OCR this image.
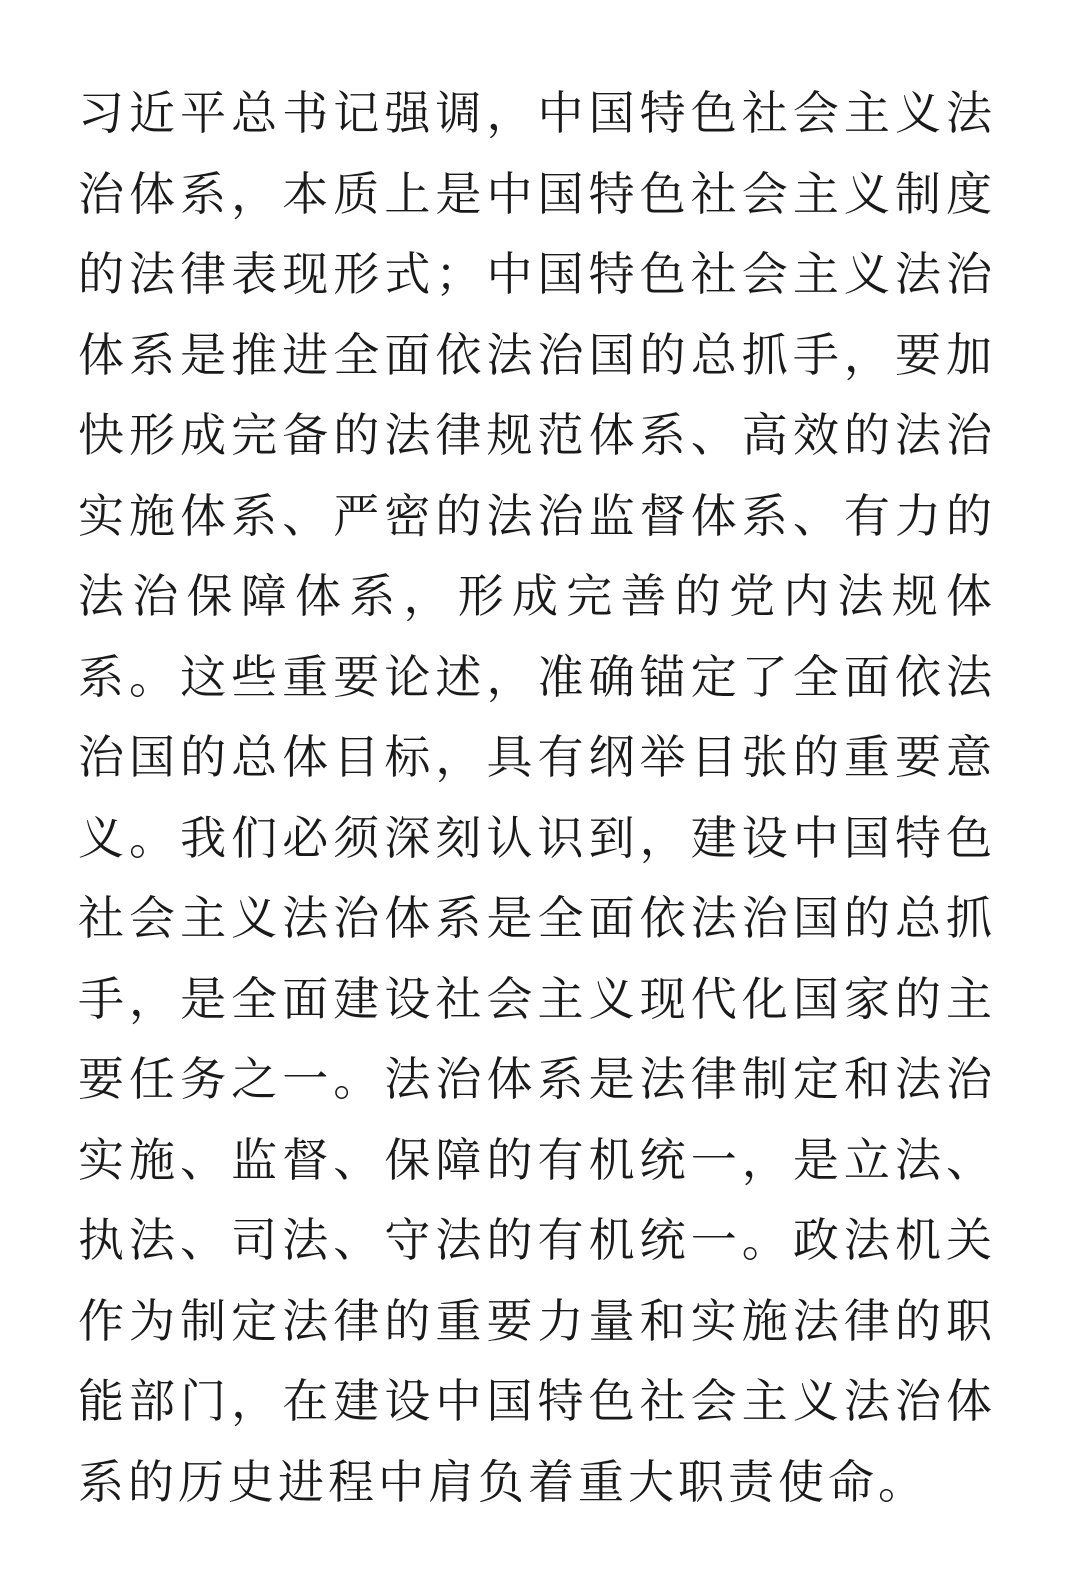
习近平总书记强调，中国特色社会主义法
治体系，本质上是中国特色社会主义制度
的法律表现形式；中国特色社会主义法治
体系是推进全面依法治国的总抓手，要加
快形成完备的法律规范体系、高效的法治
实施体系、严密的法治监督体系、有力的
法治保障体系，形成完善的党内法规体
系。这些重要论述，准确锚定了全面依法
治国的总体目标，具有纲举目张的重要意
义。我们必须深刻认识到，建设中国特色
社会主义法治体系是全面依法治国的总抓
手，是全面建设社会主义现代化国家的主
要任务之一。法治体系是法律制定和法治
实施、监督、保障的有机统一，是立法、
执法、司法、守法的有机统一。政法机关
作为制定法律的重要力量和实施法律的职
能部门，在建设中国特色社会主义法治体
系的历史进程中肩负着重大职责使命。
